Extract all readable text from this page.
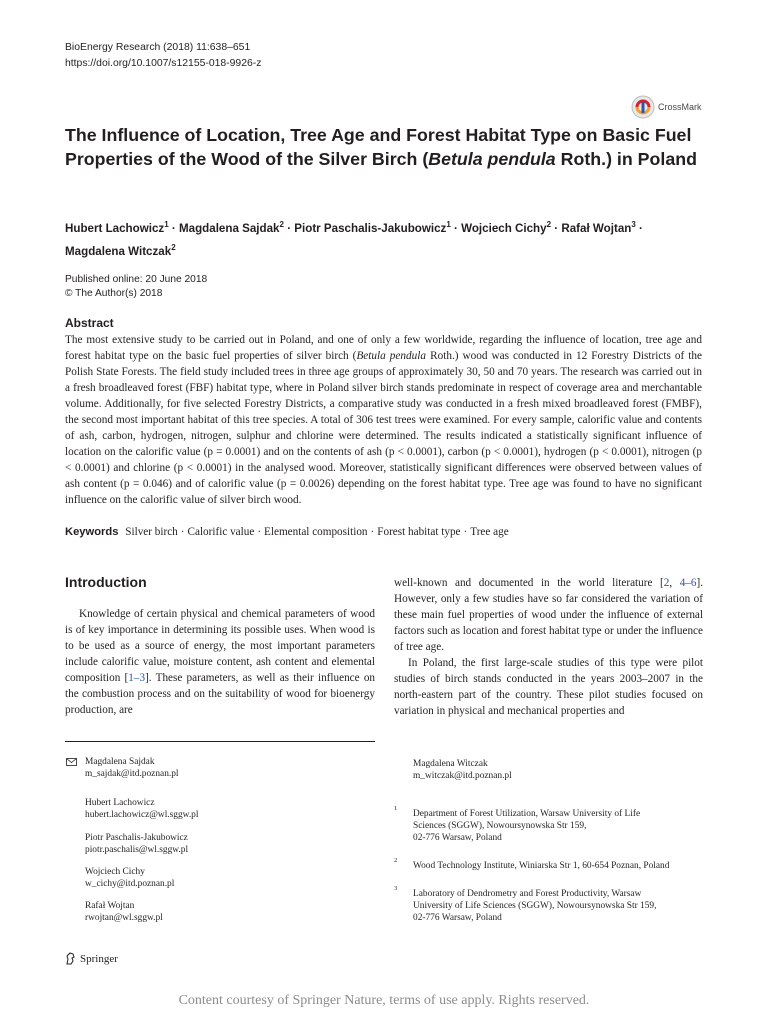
BioEnergy Research (2018) 11:638–651
https://doi.org/10.1007/s12155-018-9926-z
CrossMark
The Influence of Location, Tree Age and Forest Habitat Type on Basic Fuel Properties of the Wood of the Silver Birch (Betula pendula Roth.) in Poland
Hubert Lachowicz$^1$ · Magdalena Sajdak$^2$ · Piotr Paschalis-Jakubowicz$^1$ · Wojciech Cichy$^2$ · Rafał Wojtan$^3$ ·
Magdalena Witczak$^2$
Published online: 20 June 2018
© The Author(s) 2018
Abstract
The most extensive study to be carried out in Poland, and one of only a few worldwide, regarding the influence of location, tree age and forest habitat type on the basic fuel properties of silver birch (Betula pendula Roth.) wood was conducted in 12 Forestry Districts of the Polish State Forests. The field study included trees in three age groups of approximately 30, 50 and 70 years. The research was carried out in a fresh broadleaved forest (FBF) habitat type, where in Poland silver birch stands predominate in respect of coverage area and merchantable volume. Additionally, for five selected Forestry Districts, a comparative study was conducted in a fresh mixed broadleaved forest (FMBF), the second most important habitat of this tree species. A total of 306 test trees were examined. For every sample, calorific value and contents of ash, carbon, hydrogen, nitrogen, sulphur and chlorine were determined. The results indicated a statistically significant influence of location on the calorific value (p = 0.0001) and on the contents of ash (p < 0.0001), carbon (p < 0.0001), hydrogen (p < 0.0001), nitrogen (p < 0.0001) and chlorine (p < 0.0001) in the analysed wood. Moreover, statistically significant differences were observed between values of ash content (p = 0.046) and of calorific value (p = 0.0026) depending on the forest habitat type. Tree age was found to have no significant influence on the calorific value of silver birch wood.
Keywords Silver birch · Calorific value · Elemental composition · Forest habitat type · Tree age
Introduction
Knowledge of certain physical and chemical parameters of wood is of key importance in determining its possible uses. When wood is to be used as a source of energy, the most important parameters include calorific value, moisture content, ash content and elemental composition [1–3]. These parameters, as well as their influence on the combustion process and on the suitability of wood for bioenergy production, are
well-known and documented in the world literature [2, 4–6]. However, only a few studies have so far considered the variation of these main fuel properties of wood under the influence of external factors such as location and forest habitat type or under the influence of tree age.
In Poland, the first large-scale studies of this type were pilot studies of birch stands conducted in the years 2003–2007 in the north-eastern part of the country. These pilot studies focused on variation in physical and mechanical properties and
Magdalena Sajdak
m_sajdak@itd.poznan.pl
Hubert Lachowicz
hubert.lachowicz@wl.sggw.pl
Piotr Paschalis-Jakubowicz
piotr.paschalis@wl.sggw.pl
Wojciech Cichy
w_cichy@itd.poznan.pl
Rafał Wojtan
rwojtan@wl.sggw.pl
Magdalena Witczak
m_witczak@itd.poznan.pl
1
Department of Forest Utilization, Warsaw University of Life
Sciences (SGGW), Nowoursynowska Str 159,
02-776 Warsaw, Poland
2
Wood Technology Institute, Winiarska Str 1, 60-654 Poznan, Poland
3
Laboratory of Dendrometry and Forest Productivity, Warsaw
University of Life Sciences (SGGW), Nowoursynowska Str 159,
02-776 Warsaw, Poland
Springer
Content courtesy of Springer Nature, terms of use apply. Rights reserved.
